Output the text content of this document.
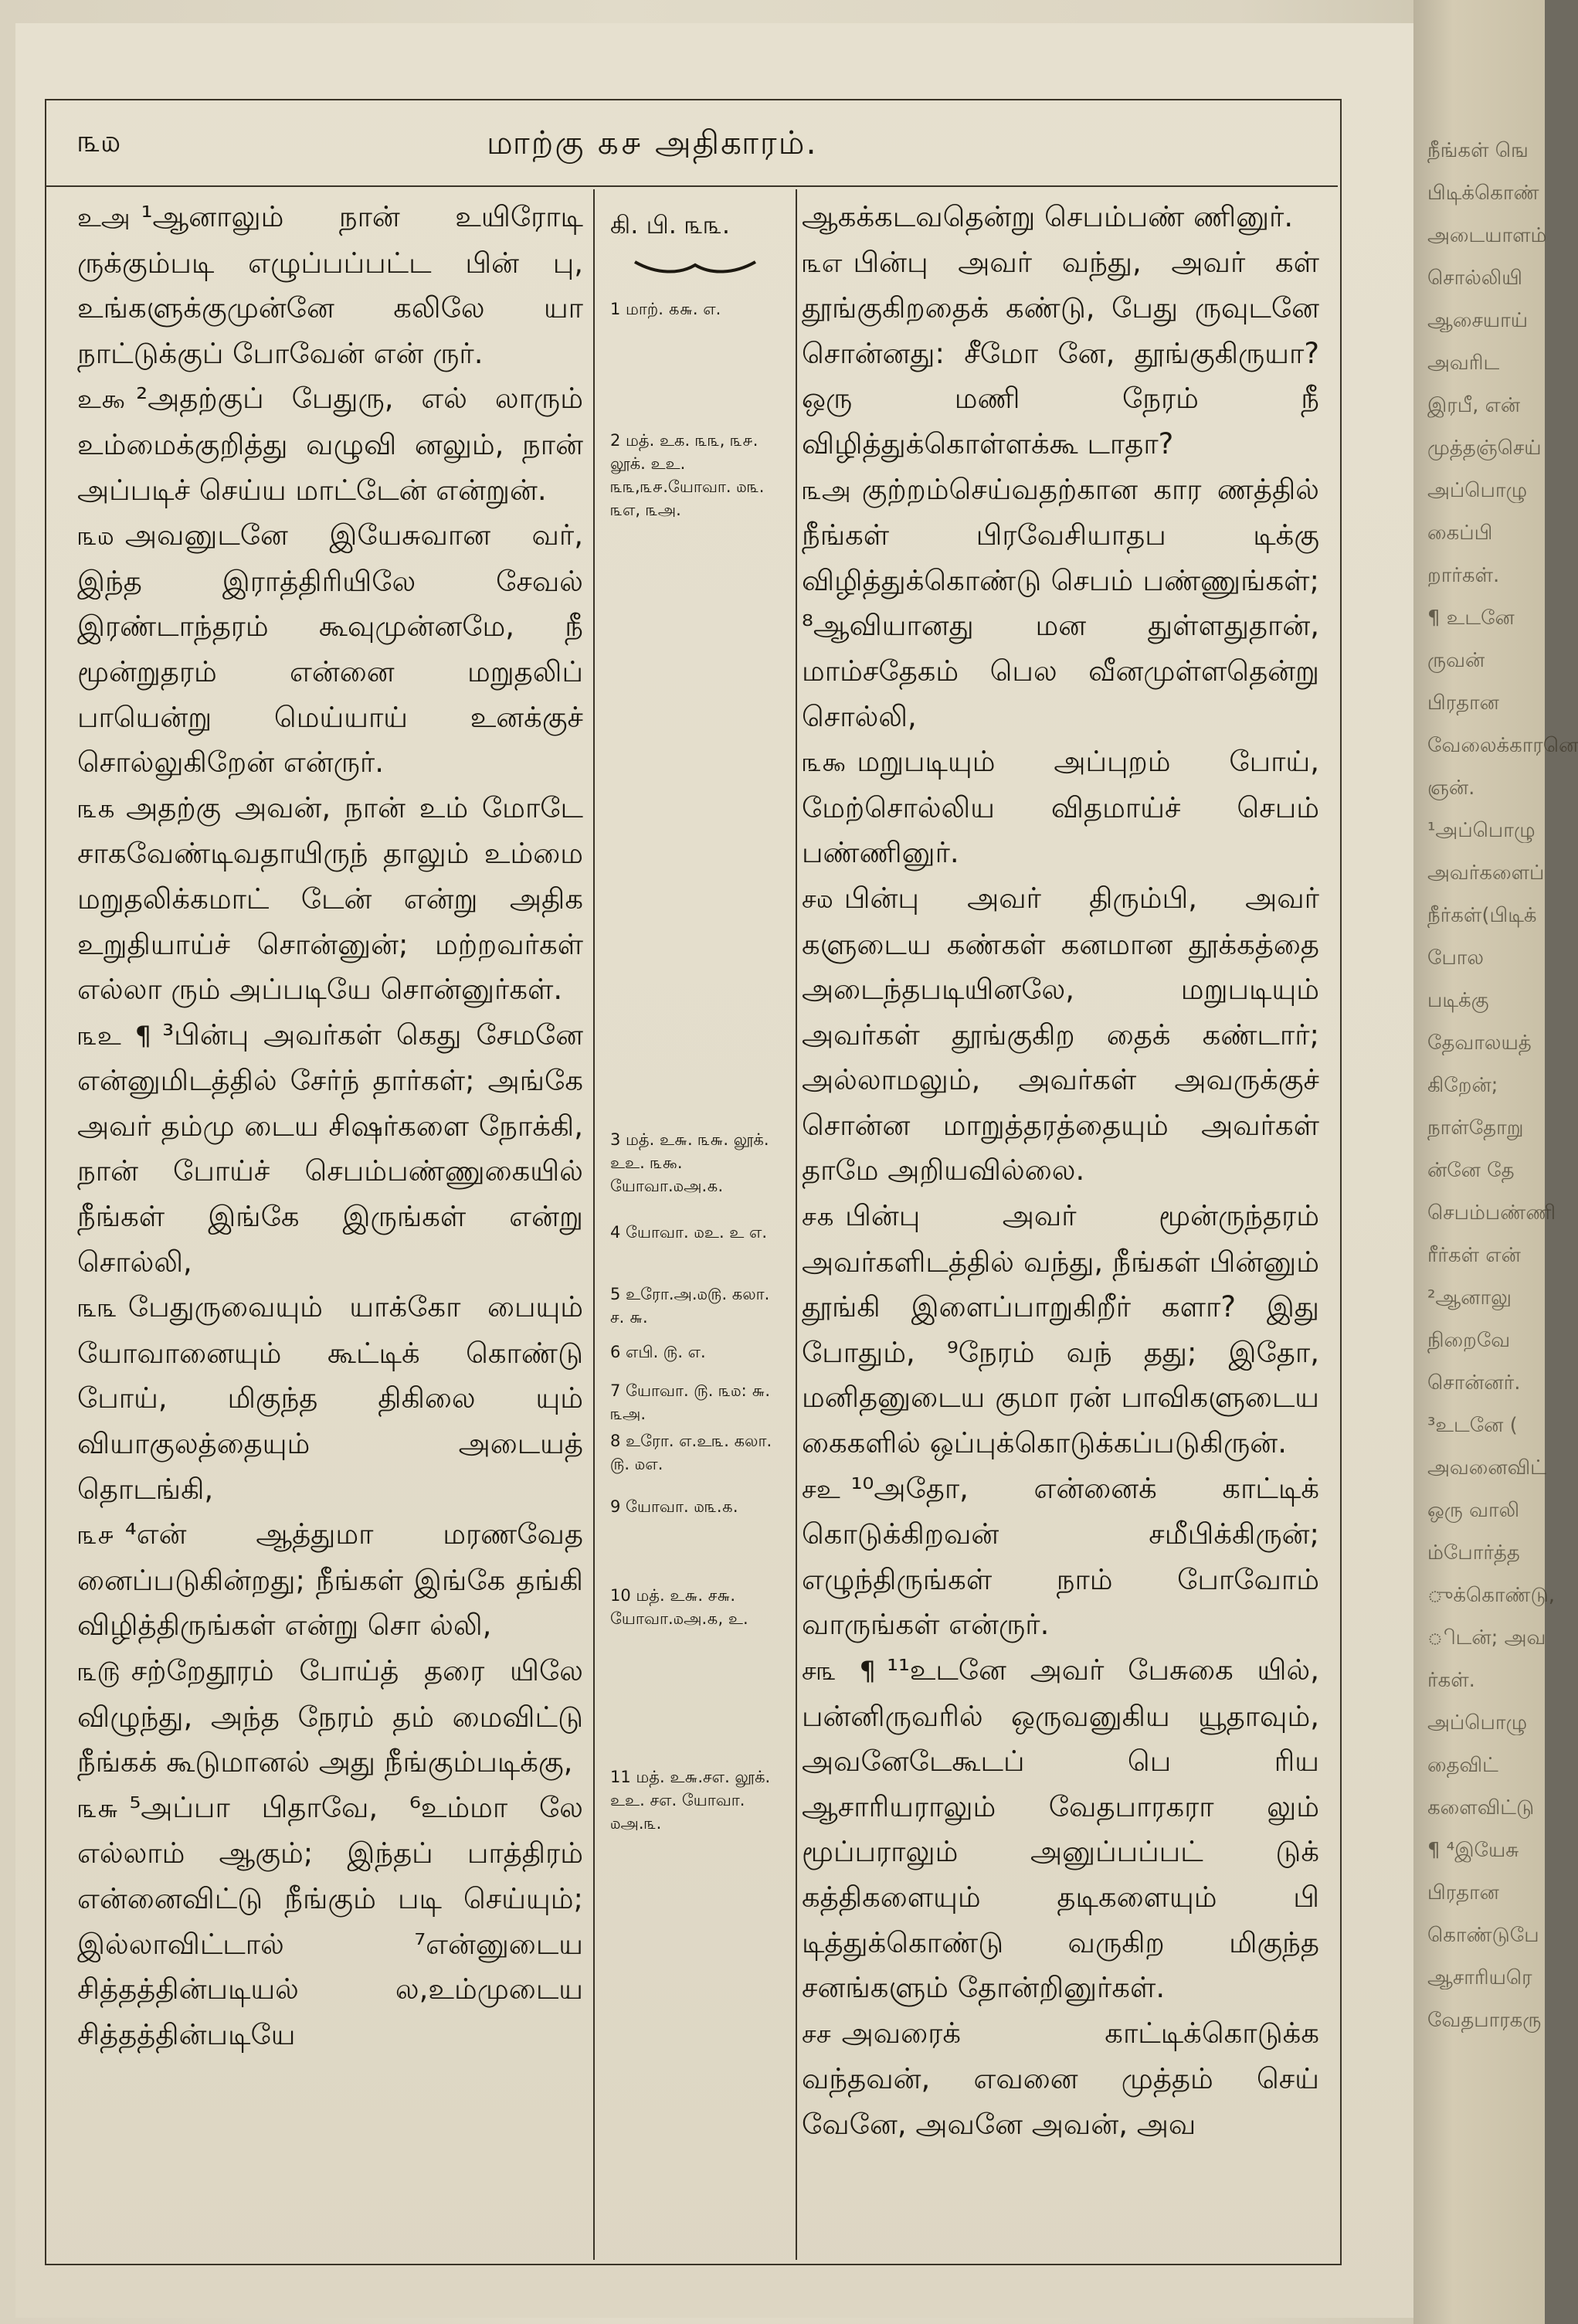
நீங்கள் ஙெ
பிடிக்கொண்
அடையாளம்
சொல்லியி
ஆசையாய்
அவரிட
இரபீ, என்
முத்தஞ்செய்
அப்பொழு
கைப்பி
றார்கள்.
¶ உடனே
ருவன்
பிரதான
வேலைக்காரனெ
ஞன்.
¹அப்பொழு
அவர்களைப்
நீர்கள்(பிடிக்
போல
படிக்கு
தேவாலயத்
கிறேன்;
நாள்தோறு
ன்னே தே
செபம்பண்ணி
ரீர்கள் என்
²ஆனாலு
நிறைவே
சொன்னர்.
³உடனே (
அவனைவிட்
ஒரு வாலி
ம்போர்த்த
ுக்கொண்டு,
ிடன்; அவ
ர்கள்.
அப்பொழு
தைவிட்
களைவிட்டு
¶ ⁴இயேசு
பிரதான
கொண்டுபே
ஆசாரியரெ
வேதபாரகரு
௩௰	மாற்கு ௧௪ அதிகாரம்.
உஅ ¹ஆனாலும் நான் உயிரோடி ருக்கும்படி எழுப்பப்பட்ட பின் பு, உங்களுக்குமுன்னே கலிலே யா நாட்டுக்குப் போவேன் என் ருர்.
உ௯ ²அதற்குப் பேதுரு, எல் லாரும் உம்மைக்குறித்து வழுவி னலும், நான் அப்படிச் செய்ய மாட்டேன் என்றுன்.
௩௰ அவனுடனே இயேசுவான வர், இந்த இராத்திரியிலே சேவல் இரண்டாந்தரம் கூவுமுன்னமே, நீ மூன்றுதரம் என்னை மறுதலிப் பாயென்று மெய்யாய் உனக்குச் சொல்லுகிறேன் என்ருர்.
௩௧ அதற்கு அவன், நான் உம் மோடே சாகவேண்டிவதாயிருந் தாலும் உம்மை மறுதலிக்கமாட் டேன் என்று அதிக உறுதியாய்ச் சொன்னுன்; மற்றவர்கள் எல்லா ரும் அப்படியே சொன்னுர்கள்.
௩உ ¶ ³பின்பு அவர்கள் கெது சேமனே என்னுமிடத்தில் சேர்ந் தார்கள்; அங்கே அவர் தம்மு டைய சிஷர்களை நோக்கி, நான் போய்ச் செபம்பண்ணுகையில் நீங்கள் இங்கே இருங்கள் என்று சொல்லி,
௩௩ பேதுருவையும் யாக்கோ பையும் யோவானையும் கூட்டிக் கொண்டு போய், மிகுந்த திகிலை யும் வியாகுலத்தையும் அடையத் தொடங்கி,
௩௪ ⁴என் ஆத்துமா மரணவேத னைப்படுகின்றது; நீங்கள் இங்கே தங்கி விழித்திருங்கள் என்று சொ ல்லி,
௩௫ சற்றேதூரம் போய்த் தரை யிலே விழுந்து, அந்த நேரம் தம் மைவிட்டு நீங்கக் கூடுமானல் அது நீங்கும்படிக்கு,
௩௬ ⁵அப்பா பிதாவே, ⁶உம்மா லே எல்லாம் ஆகும்; இந்தப் பாத்திரம் என்னைவிட்டு நீங்கும் படி செய்யும்; இல்லாவிட்டால் ⁷என்னுடைய சித்தத்தின்படியல் ல,உம்முடைய சித்தத்தின்படியே
கி. பி. ௩௩.
1 மாற். ௧௬. எ.
2 மத். உக. ௩௩, ௩௪. லூக். உஉ. ௩௩,௩௪.யோவா. ௰௩. ௩எ, ௩அ.
3 மத். உ௬. ௩௬. லூக். உஉ. ௩௯. யோவா.௰அ.௧.
4 யோவா. ௰உ. உ எ.
5 உரோ.அ.௰௫. கலா. ச. ௬.
6 எபி. ௫. எ.
7 யோவா. ௫. ௩௰: ௬. ௩அ.
8 உரோ. எ.உ௩. கலா. ௫. ௰எ.
9 யோவா. ௰௩.௧.
10 மத். உ௬. ச௬. யோவா.௰அ.௧, உ.
11 மத். உ௬.சஎ. லூக். உஉ. சஎ. யோவா. ௰அ.௩.
ஆகக்கடவதென்று செபம்பண் ணினுர்.
௩எ பின்பு அவர் வந்து, அவர் கள் தூங்குகிறதைக் கண்டு, பேது ருவுடனே சொன்னது: சீமோ னே, தூங்குகிருயா? ஒரு மணி நேரம் நீ விழித்துக்கொள்ளக்கூ டாதா?
௩அ குற்றம்செய்வதற்கான கார ணத்தில் நீங்கள் பிரவேசியாதப டிக்கு விழித்துக்கொண்டு செபம் பண்ணுங்கள்; ⁸ஆவியானது மன துள்ளதுதான், மாம்சதேகம் பெல வீனமுள்ளதென்று சொல்லி,
௩௯ மறுபடியும் அப்புறம் போய், மேற்சொல்லிய விதமாய்ச் செபம் பண்ணினுர்.
ச௰ பின்பு அவர் திரும்பி, அவர் களுடைய கண்கள் கனமான தூக்கத்தை அடைந்தபடியினலே, மறுபடியும் அவர்கள் தூங்குகிற தைக் கண்டார்; அல்லாமலும், அவர்கள் அவருக்குச் சொன்ன மாறுத்தரத்தையும் அவர்கள் தாமே அறியவில்லை.
ச௧ பின்பு அவர் மூன்ருந்தரம் அவர்களிடத்தில் வந்து, நீங்கள் பின்னும் தூங்கி இளைப்பாறுகிறீர் களா? இது போதும், ⁹நேரம் வந் தது; இதோ, மனிதனுடைய குமா ரன் பாவிகளுடைய கைகளில் ஒப்புக்கொடுக்கப்படுகிருன்.
சஉ ¹⁰அதோ, என்னைக் காட்டிக் கொடுக்கிறவன் சமீபிக்கிருன்; எழுந்திருங்கள் நாம் போவோம் வாருங்கள் என்ருர்.
ச௩ ¶ ¹¹உடனே அவர் பேசுகை யில், பன்னிருவரில் ஒருவனுகிய யூதாவும், அவனேடேகூடப் பெ ரிய ஆசாரியராலும் வேதபாரகரா லும் மூப்பராலும் அனுப்பப்பட் டுக் கத்திகளையும் தடிகளையும் பி டித்துக்கொண்டு வருகிற மிகுந்த சனங்களும் தோன்றினுர்கள்.
சச அவரைக் காட்டிக்கொடுக்க வந்தவன், எவனை முத்தம் செய் வேனே, அவனே அவன், அவ
